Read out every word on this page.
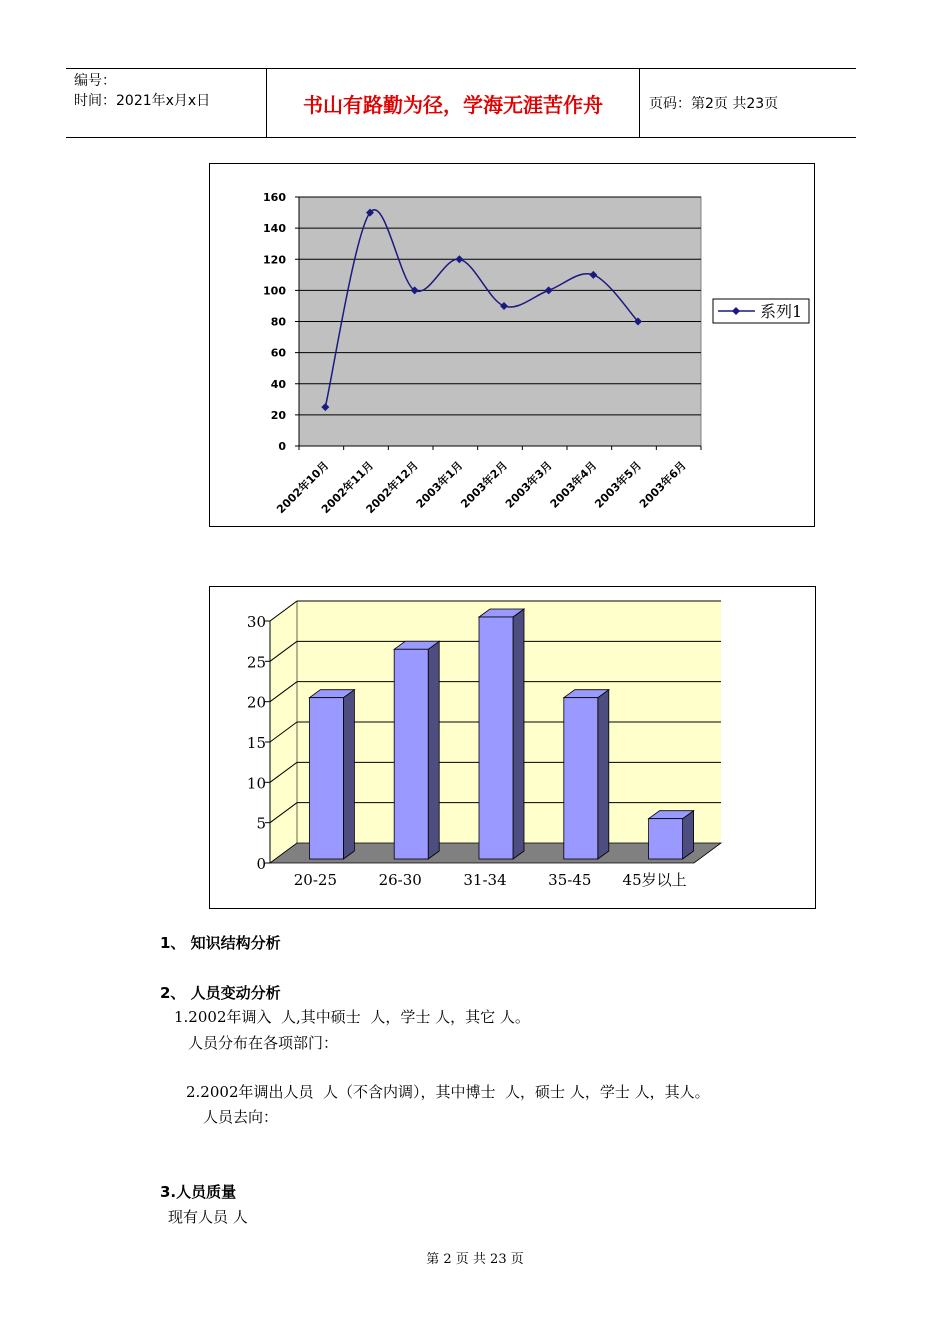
编号：
时间：2021年x月x日	书山有路勤为径，学海无涯苦作舟	页码：第2页 共23页
0
20
40
60
80
100
120
140
160
2002年10月
2002年11月
2002年12月
2003年1月
2003年2月
2003年3月
2003年4月
2003年5月
2003年6月
系列1
0
5
10
15
20
25
30
20-25	26-30	31-34	35-45 45岁以上
1、 知识结构分析
2、 人员变动分析
1.2002年调入  人,其中硕士  人，学士 人，其它 人。
人员分布在各项部门：
2.2002年调出人员  人（不含内调），其中博士  人，硕士 人，学士 人，其人。
人员去向：
3.人员质量
现有人员 人
第 2 页 共 23 页
